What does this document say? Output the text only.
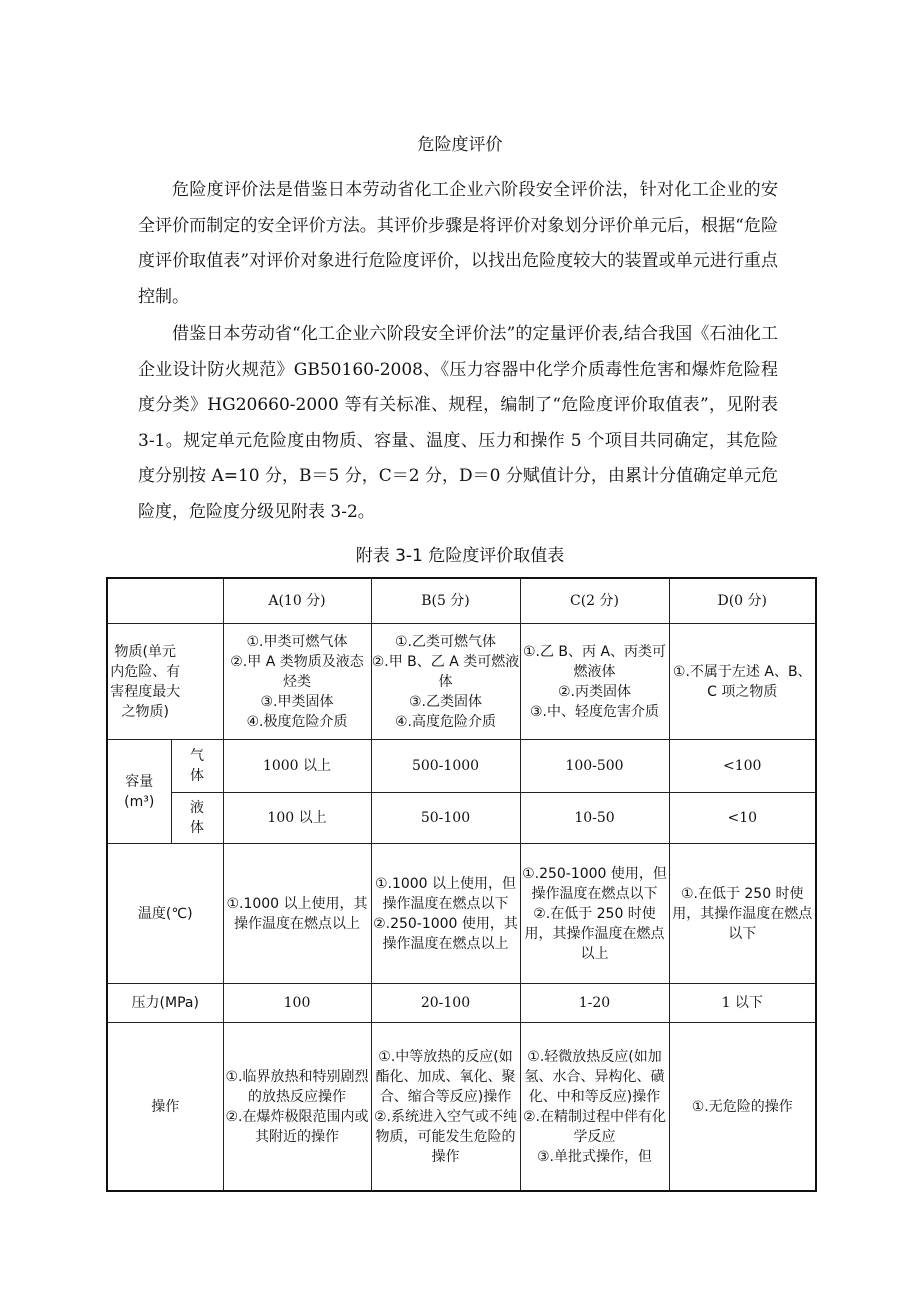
危险度评价

危险度评价法是借鉴日本劳动省化工企业六阶段安全评价法，针对化工企业的安全评价而制定的安全评价方法。其评价步骤是将评价对象划分评价单元后，根据“危险度评价取值表”对评价对象进行危险度评价，以找出危险度较大的装置或单元进行重点控制。

借鉴日本劳动省“化工企业六阶段安全评价法”的定量评价表,结合我国《石油化工企业设计防火规范》GB50160-2008、《压力容器中化学介质毒性危害和爆炸危险程度分类》HG20660-2000 等有关标准、规程，编制了“危险度评价取值表”，见附表 3-1。规定单元危险度由物质、容量、温度、压力和操作 5 个项目共同确定，其危险度分别按 A=10 分，B＝5 分，C＝2 分，D＝0 分赋值计分，由累计分值确定单元危险度，危险度分级见附表 3-2。

附表 3-1 危险度评价取值表
		A(10 分)	B(5 分)	C(2 分)	D(0 分)
物质(单元内危险、有害程度最大之物质)		①.甲类可燃气体
②.甲 A 类物质及液态烃类
③.甲类固体
④.极度危险介质	①.乙类可燃气体
②.甲 B、乙 A 类可燃液体
③.乙类固体
④.高度危险介质	①.乙 B、丙 A、丙类可燃液体
②.丙类固体
③.中、轻度危害介质	①.不属于左述 A、B、C 项之物质

容量
(m³)	气体	1000 以上	500-1000	100-500	<100
	液体	100 以上	50-100	10-50	<10
温度(℃)		①.1000 以上使用，其操作温度在燃点以上	①.1000 以上使用，但操作温度在燃点以下
②.250-1000 使用，其操作温度在燃点以上	①.250-1000 使用，但操作温度在燃点以下
②.在低于 250 时使用，其操作温度在燃点以上	①.在低于 250 时使用，其操作温度在燃点以下

压力(MPa)		100	20-100	1-20	1 以下
操作		①.临界放热和特别剧烈的放热反应操作
②.在爆炸极限范围内或其附近的操作	①.中等放热的反应(如酯化、加成、氧化、聚合、缩合等反应)操作
②.系统进入空气或不纯物质，可能发生危险的操作	①.轻微放热反应(如加氢、水合、异构化、磺化、中和等反应)操作
②.在精制过程中伴有化学反应
③.单批式操作，但	①.无危险的操作
